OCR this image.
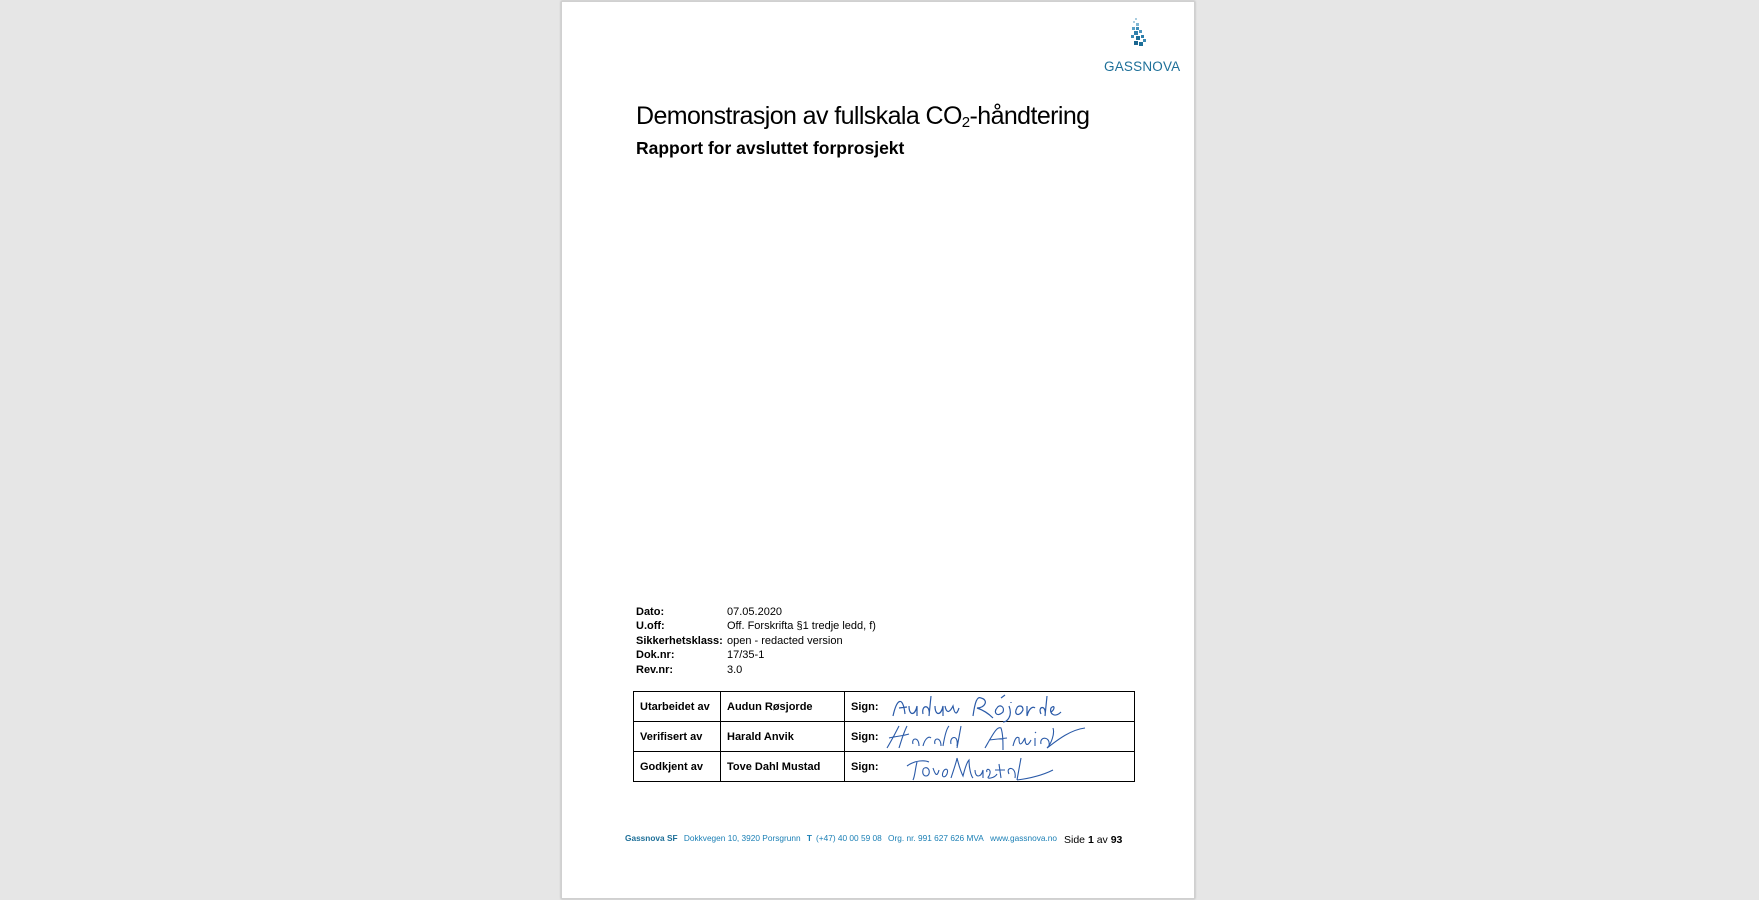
GASSNOVA
Demonstrasjon av fullskala $CO_2$-håndtering
Rapport for avsluttet forprosjekt
Dato:	07.05.2020
U.off:	Off. Forskrifta §1 tredje ledd, f)
Sikkerhetsklass: open - redacted version
Dok.nr:	17/35-1
Rev.nr:	3.0
Utarbeidet av	Audun Røsjorde	Sign:

Verifisert av	Harald Anvik	Sign:

Godkjent av	Tove Dahl Mustad	Sign:
Gassnova SF Dokkvegen 10, 3920 Porsgrunn T (+47) 40 00 59 08 Org. nr. 991 627 626 MVA www.gassnova.no Side 1 av 93
